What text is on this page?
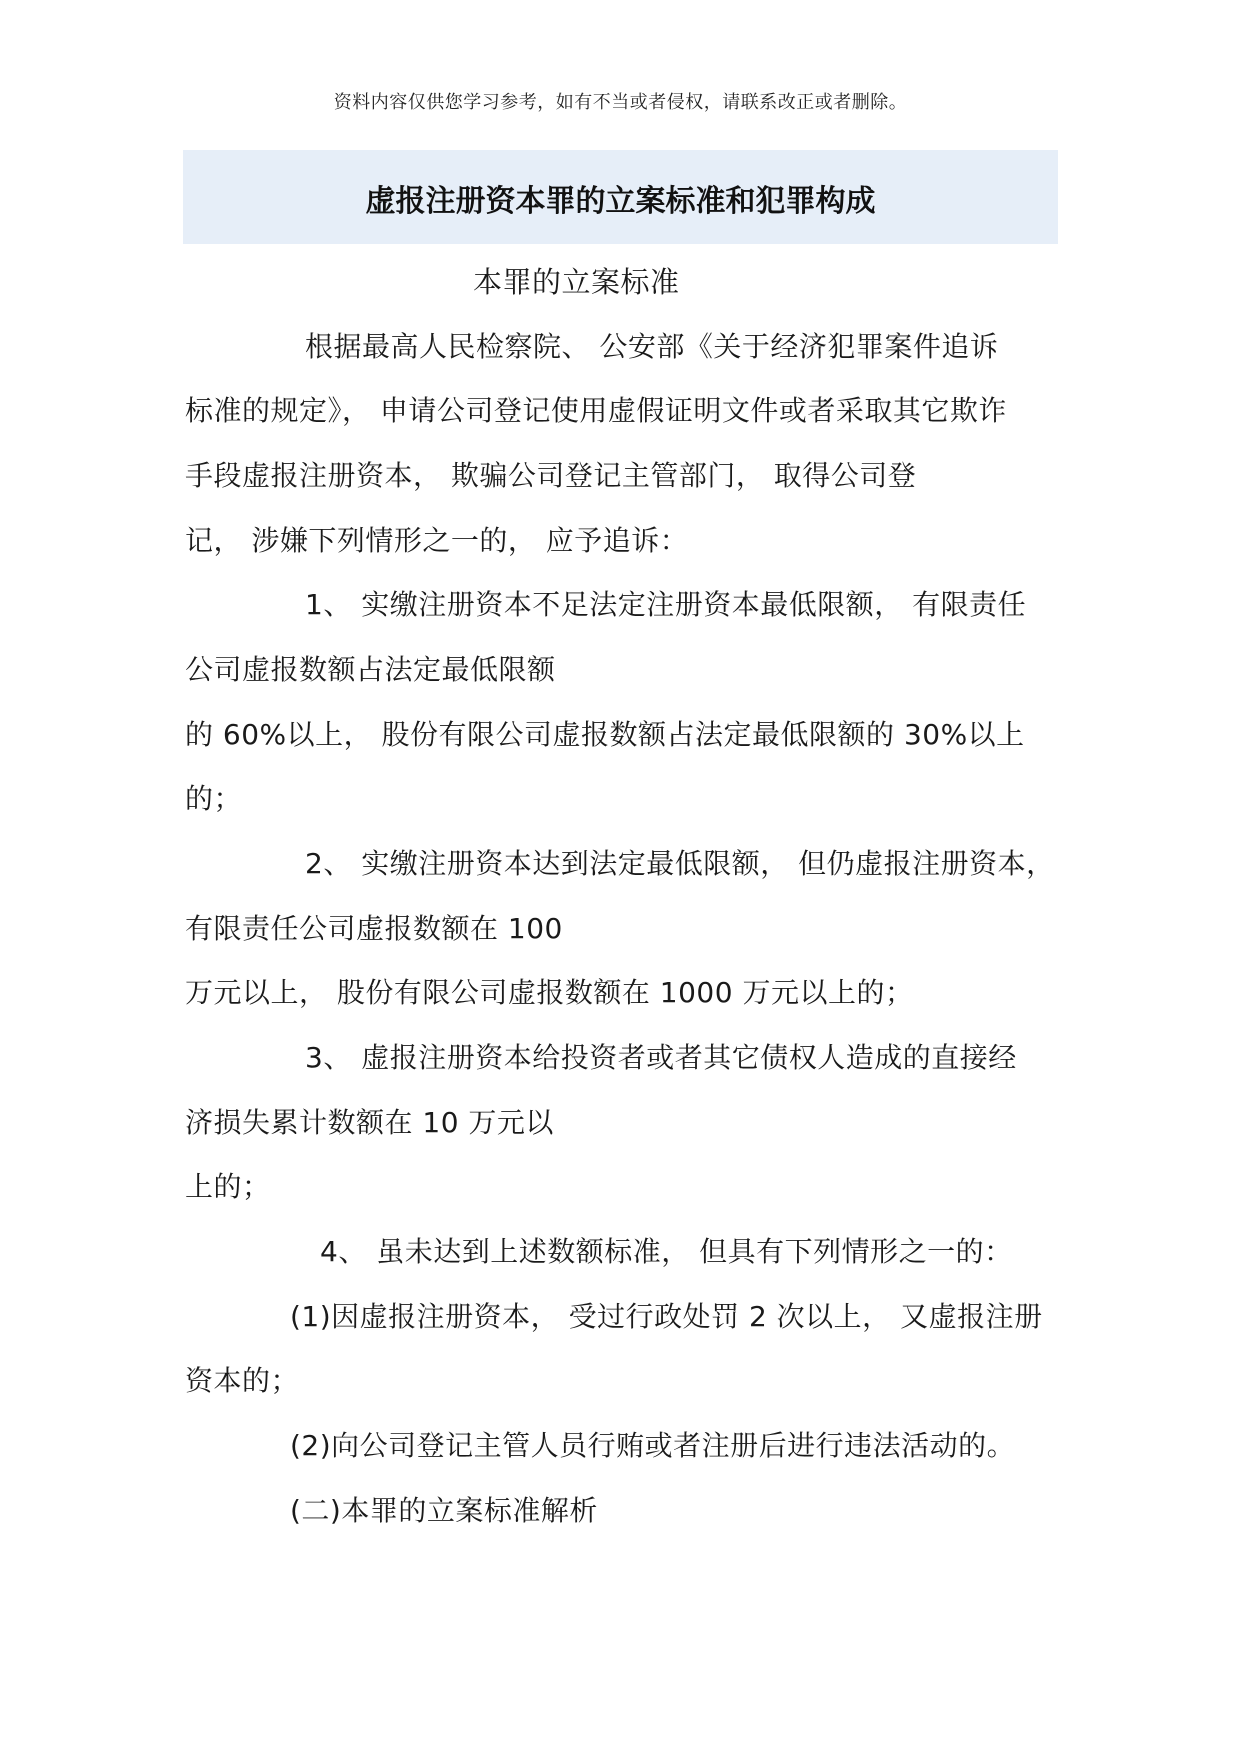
资料内容仅供您学习参考，如有不当或者侵权，请联系改正或者删除。
虚报注册资本罪的立案标准和犯罪构成
本罪的立案标准
根据最高人民检察院、 公安部《关于经济犯罪案件追诉
标准的规定》， 申请公司登记使用虚假证明文件或者采取其它欺诈
手段虚报注册资本， 欺骗公司登记主管部门， 取得公司登
记， 涉嫌下列情形之一的， 应予追诉：
1、 实缴注册资本不足法定注册资本最低限额， 有限责任
公司虚报数额占法定最低限额
的 60%以上， 股份有限公司虚报数额占法定最低限额的 30%以上
的；
2、 实缴注册资本达到法定最低限额， 但仍虚报注册资本，
有限责任公司虚报数额在 100
万元以上， 股份有限公司虚报数额在 1000 万元以上的；
3、 虚报注册资本给投资者或者其它债权人造成的直接经
济损失累计数额在 10 万元以
上的；
4、 虽未达到上述数额标准， 但具有下列情形之一的：
(1)因虚报注册资本， 受过行政处罚 2 次以上， 又虚报注册
资本的；
(2)向公司登记主管人员行贿或者注册后进行违法活动的。
(二)本罪的立案标准解析
